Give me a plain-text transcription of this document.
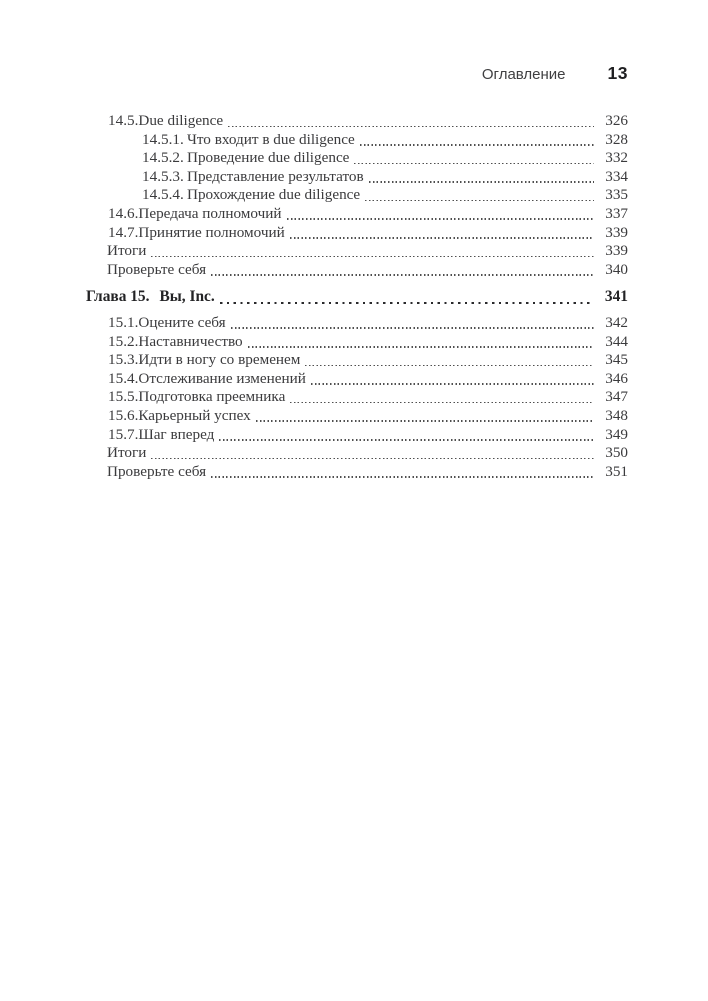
Оглавление 13
14.5. Due diligence	326
14.5.1. Что входит в due diligence	328
14.5.2. Проведение due diligence	332
14.5.3. Представление результатов	334
14.5.4. Прохождение due diligence	335
14.6. Передача полномочий	337
14.7. Принятие полномочий	339
Итоги	339
Проверьте себя	340
Глава 15. Вы, Inc.	341
15.1. Оцените себя	342
15.2. Наставничество	344
15.3. Идти в ногу со временем	345
15.4. Отслеживание изменений	346
15.5. Подготовка преемника	347
15.6. Карьерный успех	348
15.7. Шаг вперед	349
Итоги	350
Проверьте себя	351
